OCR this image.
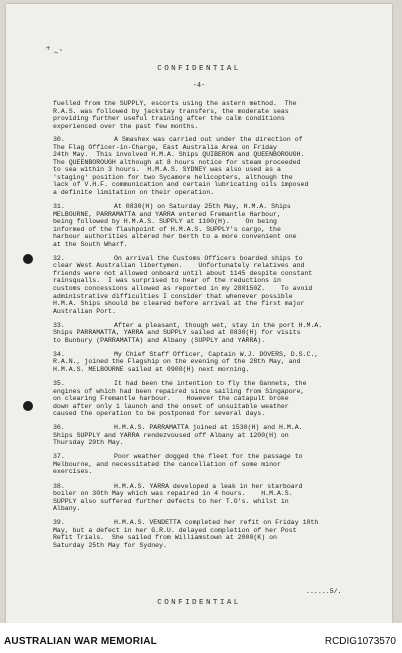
CONFIDENTIAL
-4-
fuelled from the SUPPLY, escorts using the astern method.  The
R.A.S. was followed by jackstay transfers, the moderate seas
providing further useful training after the calm conditions
experienced over the past few months.
30.	A Smashex was carried out under the direction of
The Flag Officer-in-Charge, East Australia Area on Friday
24th May.  This involved H.M.A. Ships QUIBERON and QUEENBOROUGH.
The QUEENBOROUGH although at 8 hours notice for steam proceeded
to sea within 3 hours.  H.M.A.S. SYDNEY was also used as a
'staging' position for two Sycamore helicopters, although the
lack of V.H.F. communication and certain lubricating oils imposed
a definite limitation on their operation.
31.	At 0830(H) on Saturday 25th May, H.M.A. Ships
MELBOURNE, PARRAMATTA and YARRA entered Fremantle Harbour,
being followed by H.M.A.S. SUPPLY at 1100(H).    On being
informed of the flashpoint of H.M.A.S. SUPPLY's cargo, the
harbour authorities altered her berth to a more convenient one
at the South Wharf.
32.	On arrival the Customs Officers boarded ships to
clear West Australian libertymen.    Unfortunately relatives and
friends were not allowed onboard until about 1145 despite constant
rainsqualls.  I was surprised to hear of the reductions in
customs concessions allowed as reported in my 280150Z.    To avoid
administrative difficulties I consider that whenever possible
H.M.A. Ships should be cleared before arrival at the first major
Australian Port.
33.	After a pleasant, though wet, stay in the port H.M.A.
Ships PARRAMATTA, YARRA and SUPPLY sailed at 0830(H) for visits
to Bunbury (PARRAMATTA) and Albany (SUPPLY and YARRA).
34.	My Chief Staff Officer, Captain W.J. DOVERS, D.S.C.,
R.A.N., joined the Flagship on the evening of the 28th May, and
H.M.A.S. MELBOURNE sailed at 0900(H) next morning.
35.	It had been the intention to fly the Gannets, the
engines of which had been repaired since sailing from Singapore,
on clearing Fremantle harbour.    However the catapult broke
down after only 1 launch and the onset of unsuitable weather
caused the operation to be postponed for several days.
36.	H.M.A.S. PARRAMATTA joined at 1530(H) and H.M.A.
Ships SUPPLY and YARRA rendezvoused off Albany at 1200(H) on
Thursday 29th May.
37.	Poor weather dogged the fleet for the passage to
Melbourne, and necessitated the cancellation of some minor
exercises.
38.	H.M.A.S. YARRA developed a leak in her starboard
boiler on 30th May which was repaired in 4 hours.    H.M.A.S.
SUPPLY also suffered further defects to her T.G's. whilst in
Albany.
39.	H.M.A.S. VENDETTA completed her refit on Friday 10th
May, but a defect in her G.R.U. delayed completion of her Post
Refit Trials.  She sailed from Williamstown at 2000(K) on
Saturday 25th May for Sydney.
......5/.
CONFIDENTIAL
AUSTRALIAN WAR MEMORIAL	RCDIG1073570
